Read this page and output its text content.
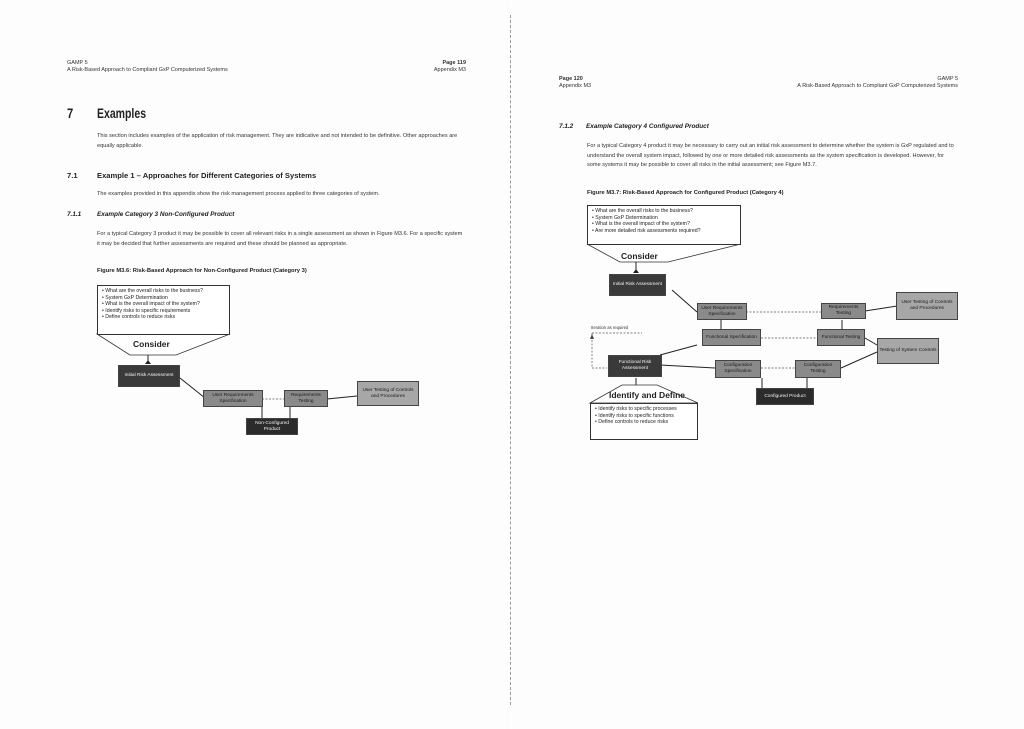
GAMP 5
A Risk-Based Approach to Compliant GxP Computerized Systems
Page 119
Appendix M3
7 Examples
This section includes examples of the application of risk management. They are indicative and not intended to be definitive. Other approaches are equally applicable.
7.1	Example 1 – Approaches for Different Categories of Systems
The examples provided in this appendix show the risk management process applied to three categories of system.
7.1.1 Example Category 3 Non-Configured Product
For a typical Category 3 product it may be possible to cover all relevant risks in a single assessment as shown in Figure M3.6. For a specific system it may be decided that further assessments are required and these should be planned as appropriate.
Figure M3.6: Risk-Based Approach for Non-Configured Product (Category 3)
• What are the overall risks to the business?
• System GxP Determination
• What is the overall impact of the system?
• Identify risks to specific requirements
• Define controls to reduce risks
Consider
Initial Risk Assessment
User Requirements Specification
Requirements Testing
User Testing of Controls and Procedures
Non-Configured Product
Page 120
Appendix M3
GAMP 5
A Risk-Based Approach to Compliant GxP Computerized Systems
7.1.2 Example Category 4 Configured Product
For a typical Category 4 product it may be necessary to carry out an initial risk assessment to determine whether the system is GxP regulated and to understand the overall system impact, followed by one or more detailed risk assessments as the system specification is developed. However, for some systems it may be possible to cover all risks in the initial assessment; see Figure M3.7.
Figure M3.7: Risk-Based Approach for Configured Product (Category 4)
• What are the overall risks to the business?
• System GxP Determination
• What is the overall impact of the system?
• Are more detailed risk assessments required?
Consider
Initial Risk Assessment
User Requirements Specification
Requirements Testing
User Testing of Controls and Procedures
Iteration as required
Functional Specification	Functional Testing
Testing of System Controls
Functional Risk Assessment
Configuration Specification
Configuration Testing
Configured Product
Identify and Define
• Identify risks to specific processes
• Identify risks to specific functions
• Define controls to reduce risks
